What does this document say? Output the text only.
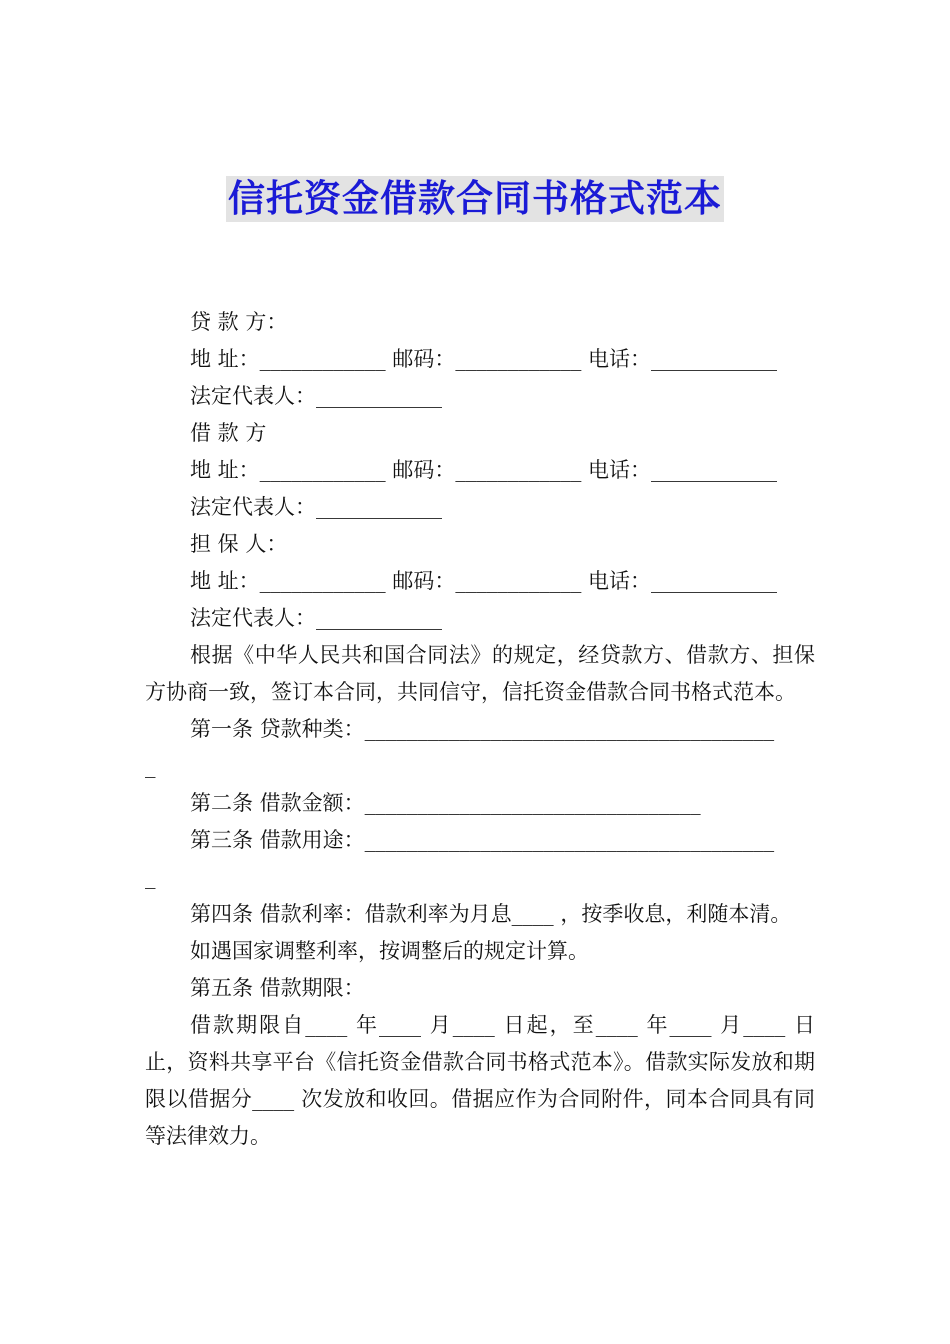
信托资金借款合同书格式范本
贷 款 方：
地 址：____________ 邮码：____________ 电话：____________
法定代表人：____________
借 款 方
地 址：____________ 邮码：____________ 电话：____________
法定代表人：____________
担 保 人：
地 址：____________ 邮码：____________ 电话：____________
法定代表人：____________
根据《中华人民共和国合同法》的规定，经贷款方、借款方、担保方协商一致，签订本合同，共同信守，信托资金借款合同书格式范本。
第一条 贷款种类：_______________________________________
_
第二条 借款金额：________________________________
第三条 借款用途：_______________________________________
_
第四条 借款利率：借款利率为月息____ ，按季收息，利随本清。
如遇国家调整利率，按调整后的规定计算。
第五条 借款期限：
借款期限自____ 年____ 月____ 日起，至____ 年____ 月____ 日止，资料共享平台《信托资金借款合同书格式范本》。借款实际发放和期限以借据分____ 次发放和收回。借据应作为合同附件，同本合同具有同等法律效力。
